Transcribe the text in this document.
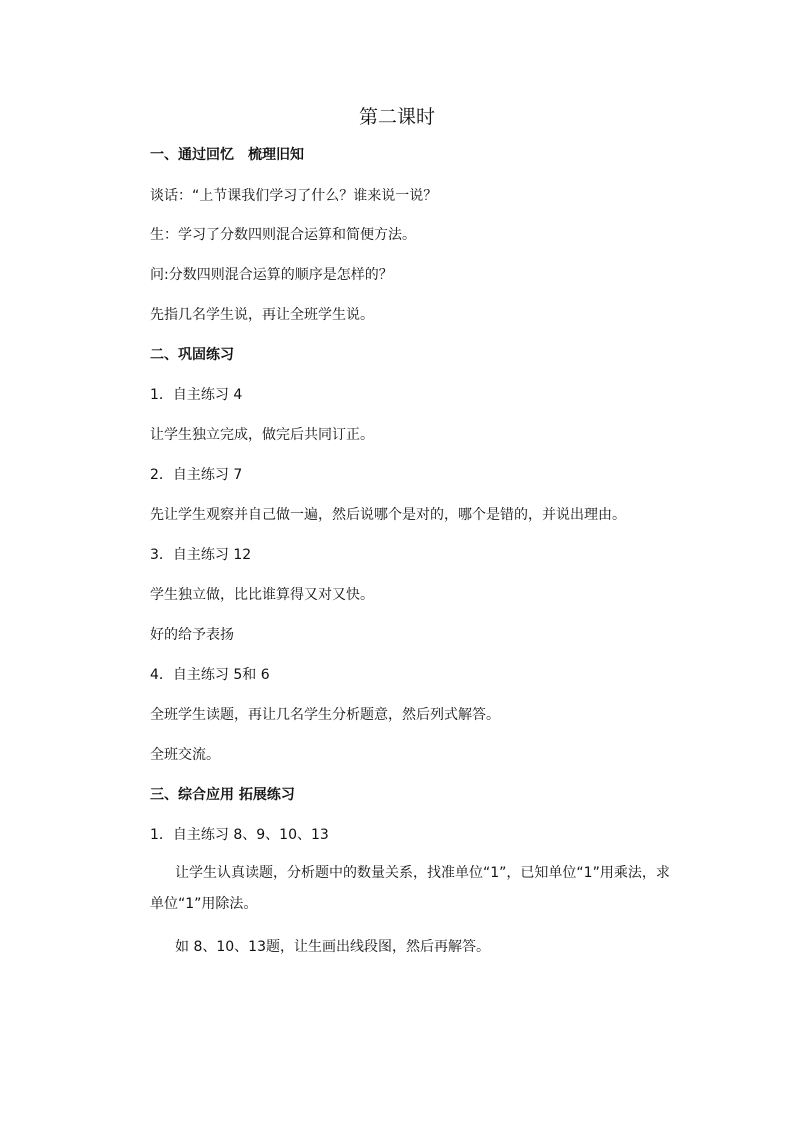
第二课时
一、通过回忆　梳理旧知
谈话：“上节课我们学习了什么？谁来说一说？
生：学习了分数四则混合运算和简便方法。
问:分数四则混合运算的顺序是怎样的？
先指几名学生说，再让全班学生说。
二、巩固练习
1．自主练习 4
让学生独立完成，做完后共同订正。
2．自主练习 7
先让学生观察并自己做一遍，然后说哪个是对的，哪个是错的，并说出理由。
3．自主练习 12
学生独立做，比比谁算得又对又快。
好的给予表扬
4．自主练习 5和 6
全班学生读题，再让几名学生分析题意，然后列式解答。
全班交流。
三、综合应用 拓展练习
1．自主练习 8、9、10、13

让学生认真读题，分析题中的数量关系，找准单位“1”，已知单位“1”用乘法，求单位“1”用除法。

如 8、10、13题，让生画出线段图，然后再解答。
